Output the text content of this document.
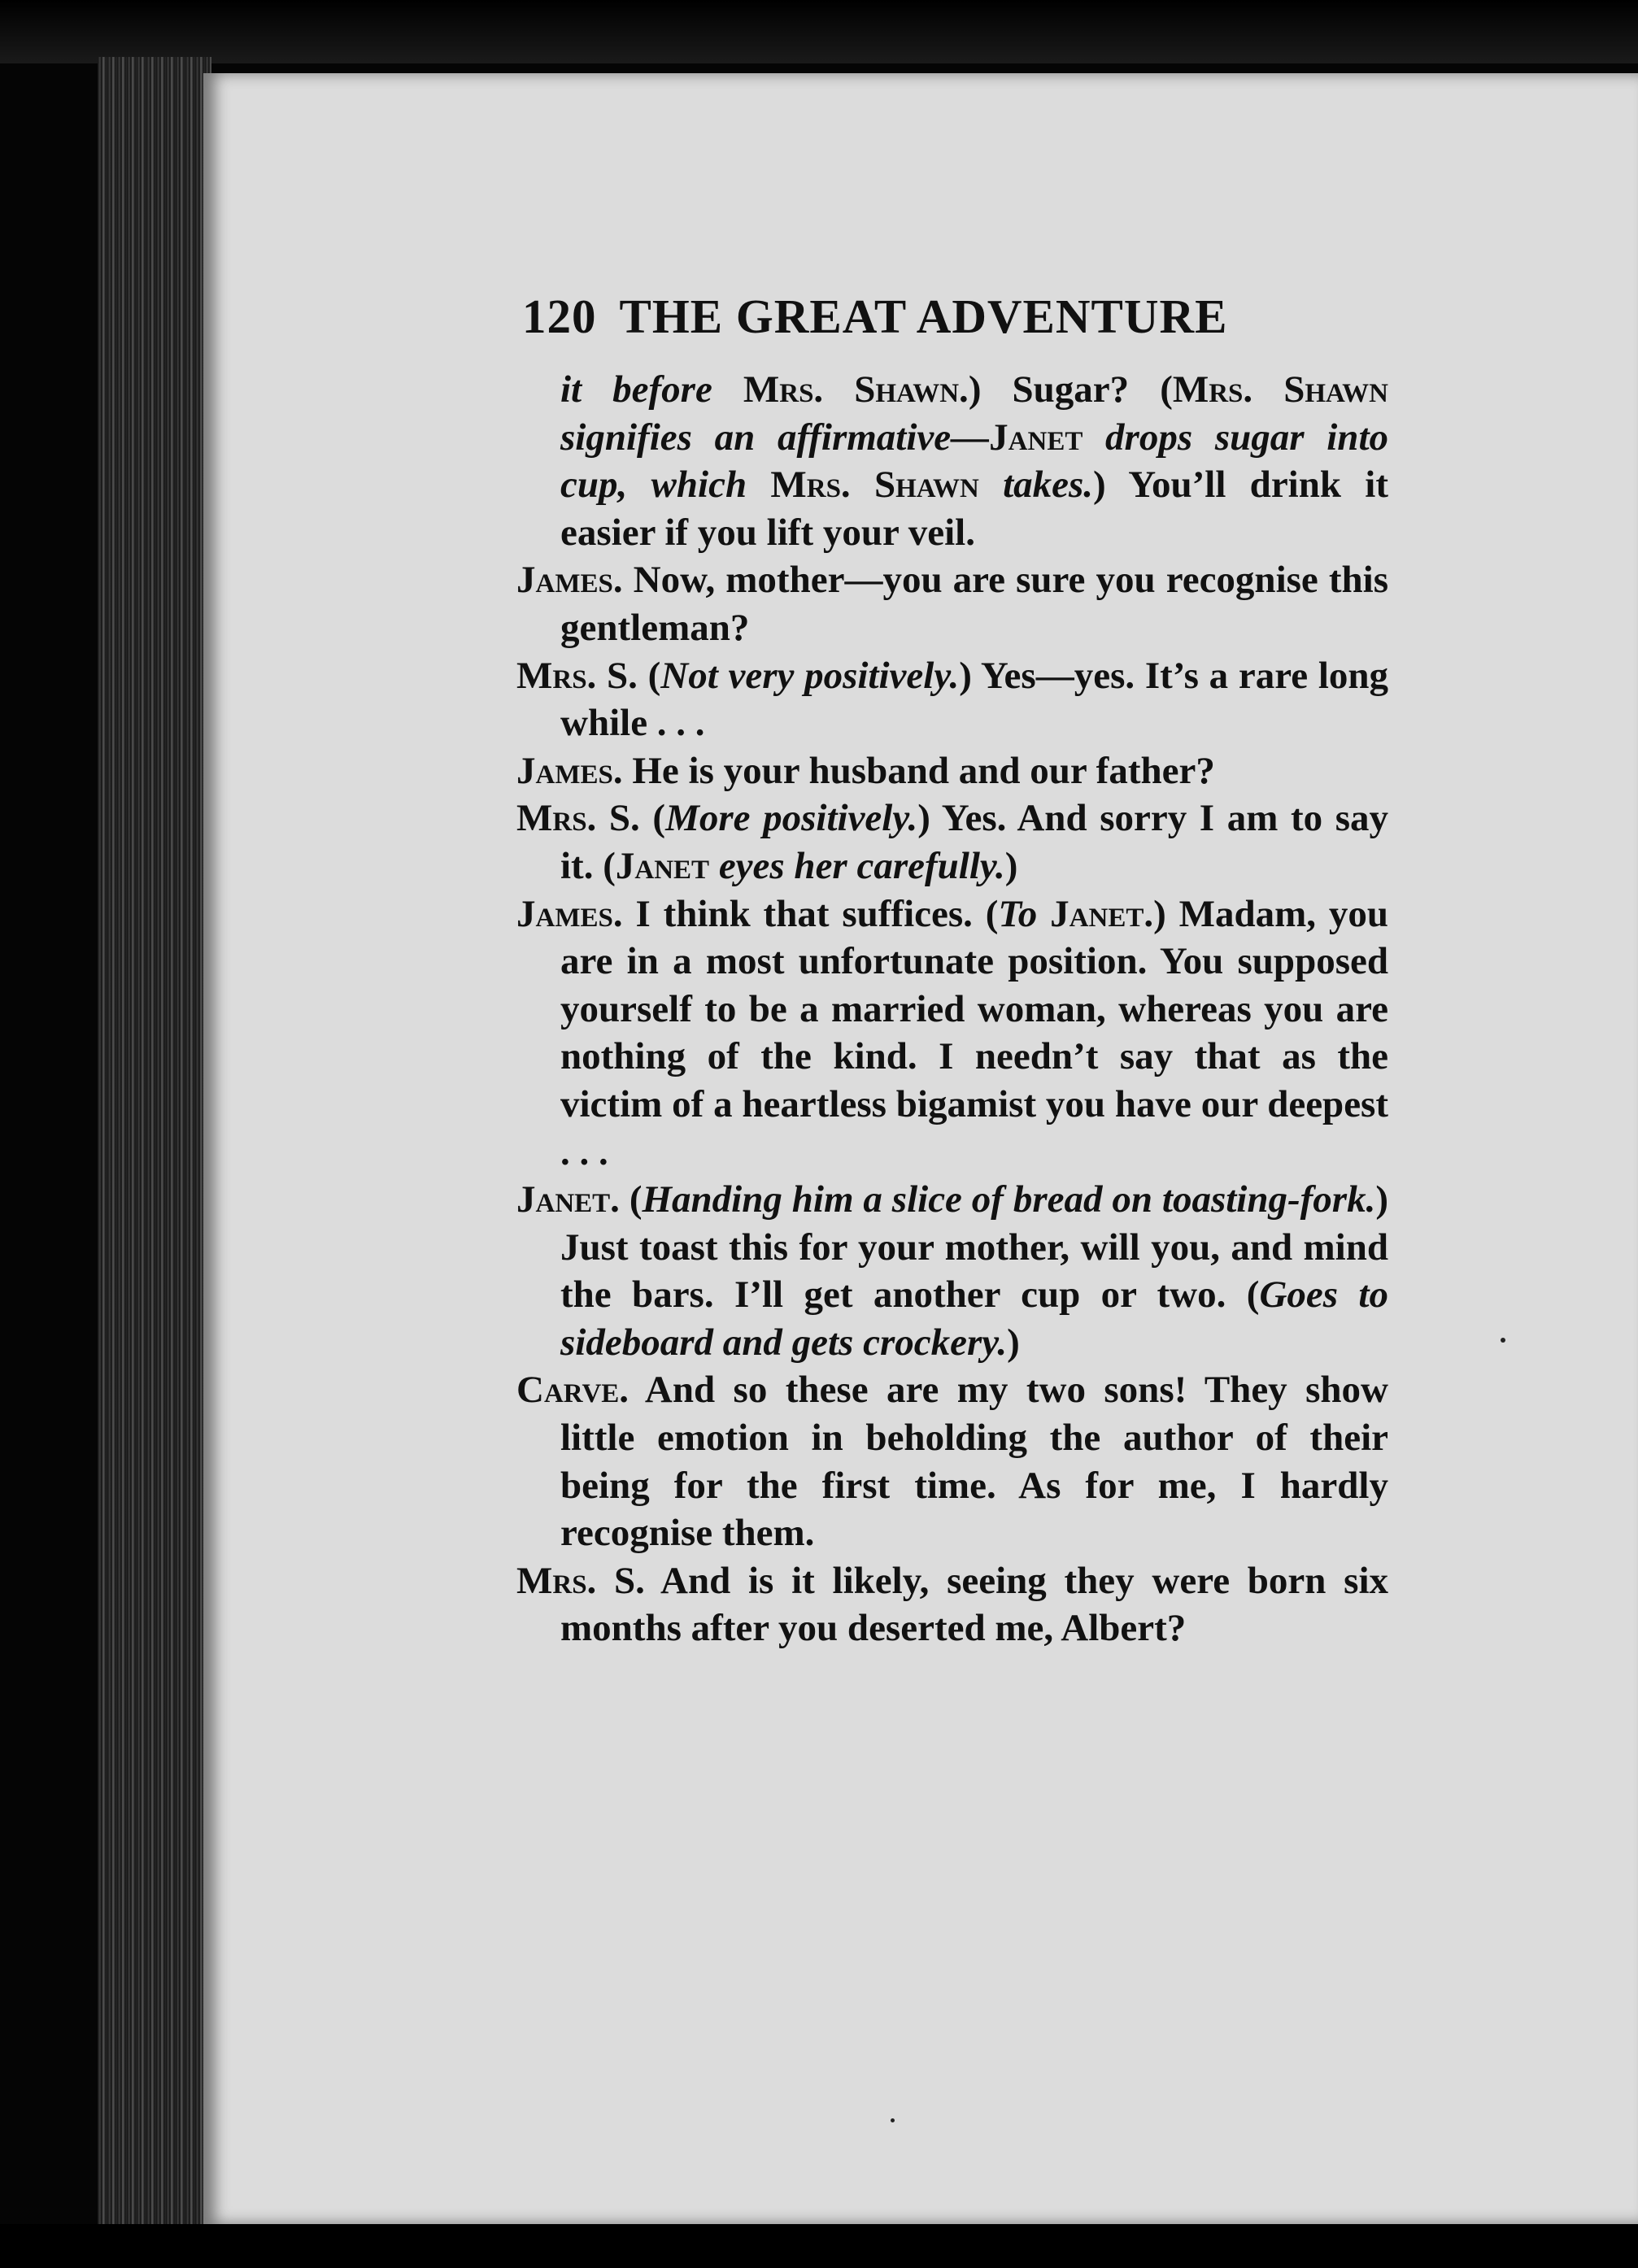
120 THE GREAT ADVENTURE

it before Mrs. Shawn.) Sugar? (Mrs. Shawn signifies an affirmative—Janet drops sugar into cup, which Mrs. Shawn takes.) You’ll drink it easier if you lift your veil.

James. Now, mother—you are sure you recognise this gentleman?

Mrs. S. (Not very positively.) Yes—yes. It’s a rare long while . . .

James. He is your husband and our father?

Mrs. S. (More positively.) Yes. And sorry I am to say it. (Janet eyes her carefully.)

James. I think that suffices. (To Janet.) Madam, you are in a most unfortunate position. You supposed yourself to be a married woman, whereas you are nothing of the kind. I needn’t say that as the victim of a heartless bigamist you have our deepest . . .

Janet. (Handing him a slice of bread on toasting-fork.) Just toast this for your mother, will you, and mind the bars. I’ll get another cup or two. (Goes to sideboard and gets crockery.)

Carve. And so these are my two sons! They show little emotion in beholding the author of their being for the first time. As for me, I hardly recognise them.

Mrs. S. And is it likely, seeing they were born six months after you deserted me, Albert?
